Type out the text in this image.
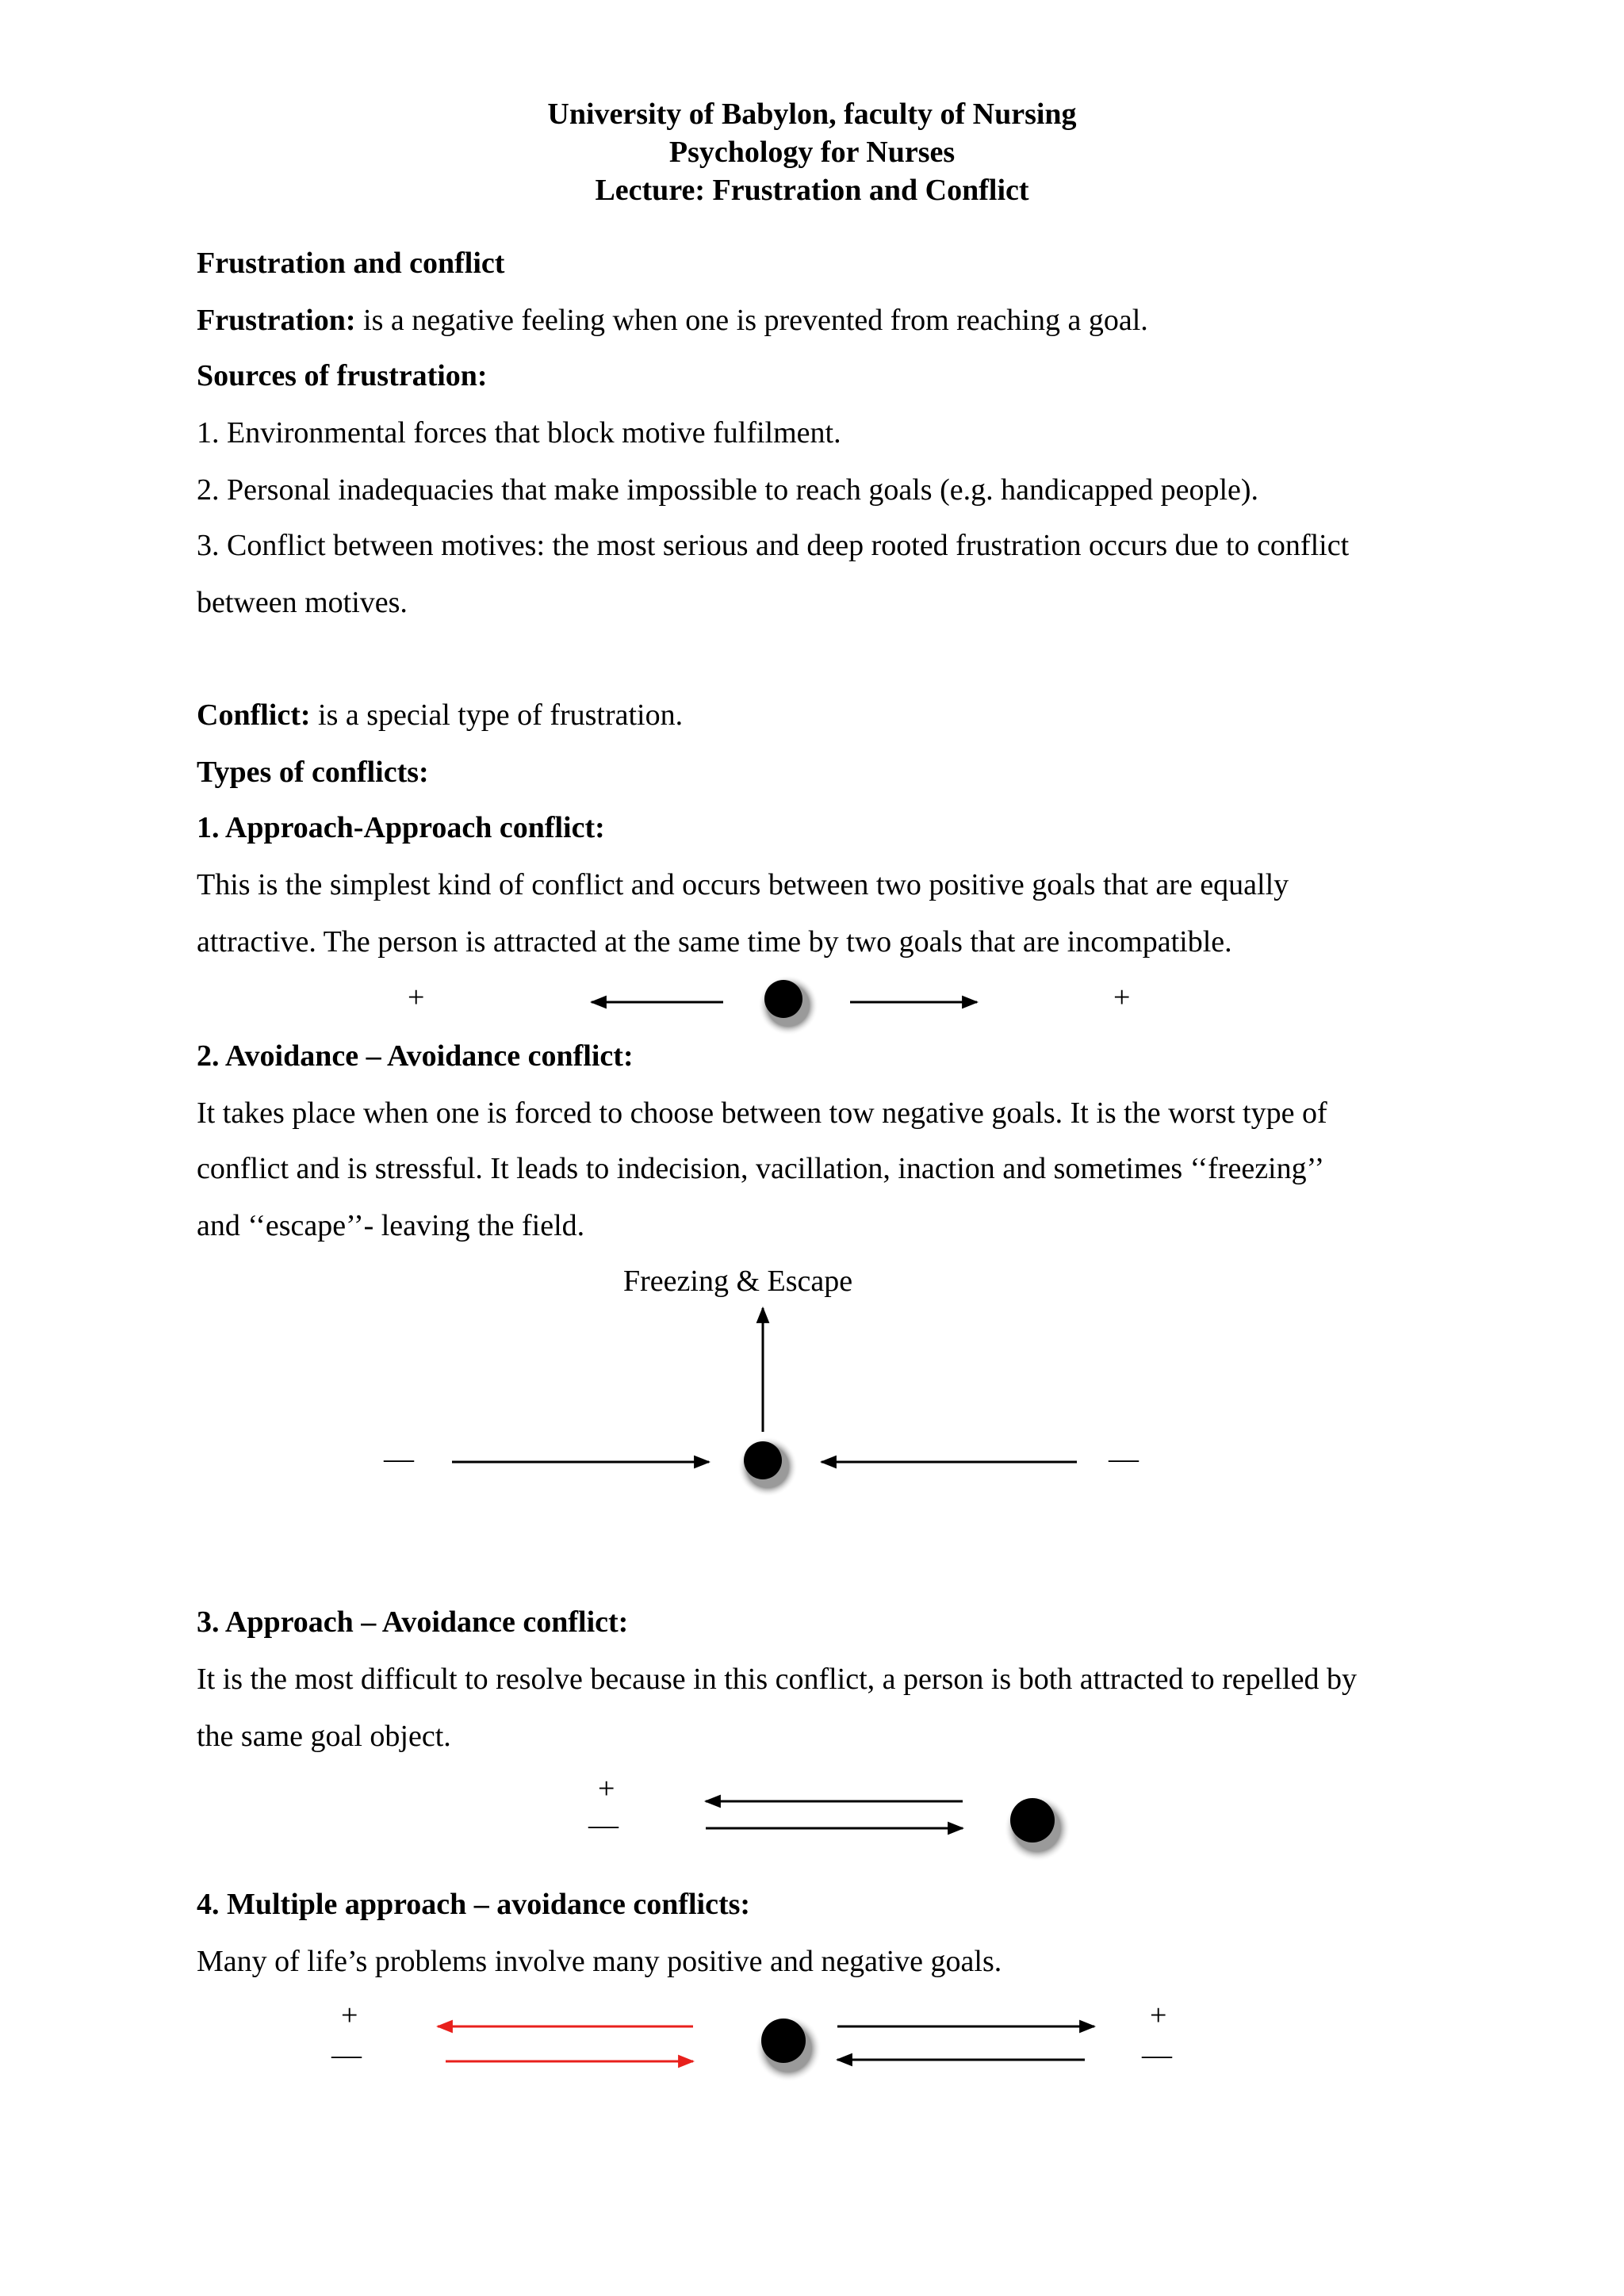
University of Babylon, faculty of Nursing
Psychology for Nurses
Lecture: Frustration and Conflict
Frustration and conflict
Frustration: is a negative feeling when one is prevented from reaching a goal.
Sources of frustration:
1. Environmental forces that block motive fulfilment.
2. Personal inadequacies that make impossible to reach goals (e.g. handicapped people).
3. Conflict between motives: the most serious and deep rooted frustration occurs due to conflict
between motives.
Conflict: is a special type of frustration.
Types of conflicts:
1. Approach-Approach conflict:
This is the simplest kind of conflict and occurs between two positive goals that are equally
attractive. The person is attracted at the same time by two goals that are incompatible.
+	+
2. Avoidance – Avoidance conflict:
It takes place when one is forced to choose between tow negative goals. It is the worst type of
conflict and is stressful. It leads to indecision, vacillation, inaction and sometimes ‘‘freezing’’
and ‘‘escape’’- leaving the field.
Freezing & Escape
—	—
3. Approach – Avoidance conflict:
It is the most difficult to resolve because in this conflict, a person is both attracted to repelled by
the same goal object.
+
—
4. Multiple approach – avoidance conflicts:
Many of life’s problems involve many positive and negative goals.
+
—
+
—
